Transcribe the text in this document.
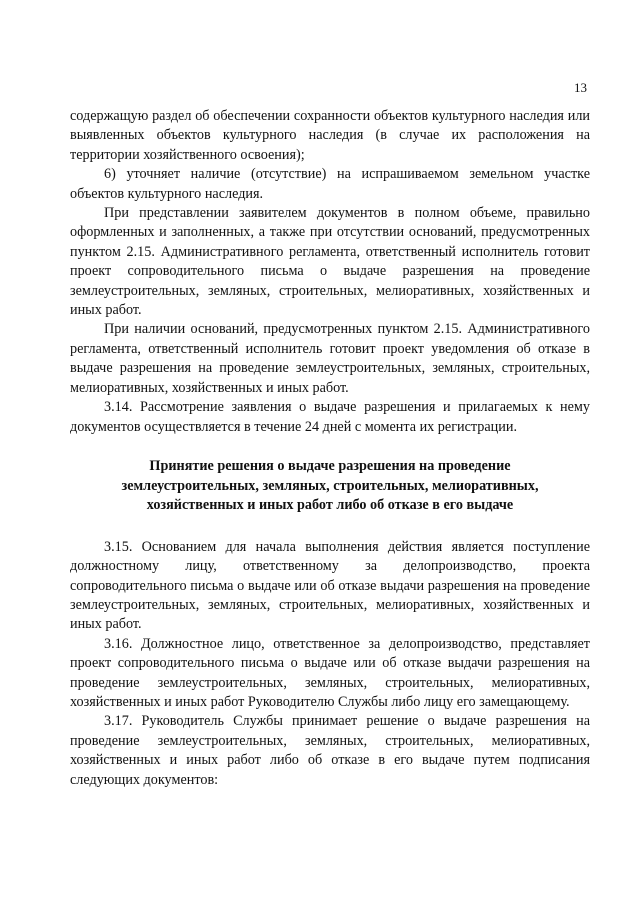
13

содержащую раздел об обеспечении сохранности объектов культурного наследия или выявленных объектов культурного наследия (в случае их расположения на территории хозяйственного освоения);

6) уточняет наличие (отсутствие) на испрашиваемом земельном участке объектов культурного наследия.

При представлении заявителем документов в полном объеме, правильно оформленных и заполненных, а также при отсутствии оснований, предусмотренных пунктом 2.15. Административного регламента, ответственный исполнитель готовит проект сопроводительного письма о выдаче разрешения на проведение землеустроительных, земляных, строительных, мелиоративных, хозяйственных и иных работ.

При наличии оснований, предусмотренных пунктом 2.15. Административного регламента, ответственный исполнитель готовит проект уведомления об отказе в выдаче разрешения на проведение землеустроительных, земляных, строительных, мелиоративных, хозяйственных и иных работ.

3.14. Рассмотрение заявления о выдаче разрешения и прилагаемых к нему документов осуществляется в течение 24 дней с момента их регистрации.

Принятие решения о выдаче разрешения на проведение землеустроительных, земляных, строительных, мелиоративных, хозяйственных и иных работ либо об отказе в его выдаче

3.15. Основанием для начала выполнения действия является поступление должностному лицу, ответственному за делопроизводство, проекта сопроводительного письма о выдаче или об отказе выдачи разрешения на проведение землеустроительных, земляных, строительных, мелиоративных, хозяйственных и иных работ.

3.16. Должностное лицо, ответственное за делопроизводство, представляет проект сопроводительного письма о выдаче или об отказе выдачи разрешения на проведение землеустроительных, земляных, строительных, мелиоративных, хозяйственных и иных работ Руководителю Службы либо лицу его замещающему.

3.17. Руководитель Службы принимает решение о выдаче разрешения на проведение землеустроительных, земляных, строительных, мелиоративных, хозяйственных и иных работ либо об отказе в его выдаче путем подписания следующих документов:
